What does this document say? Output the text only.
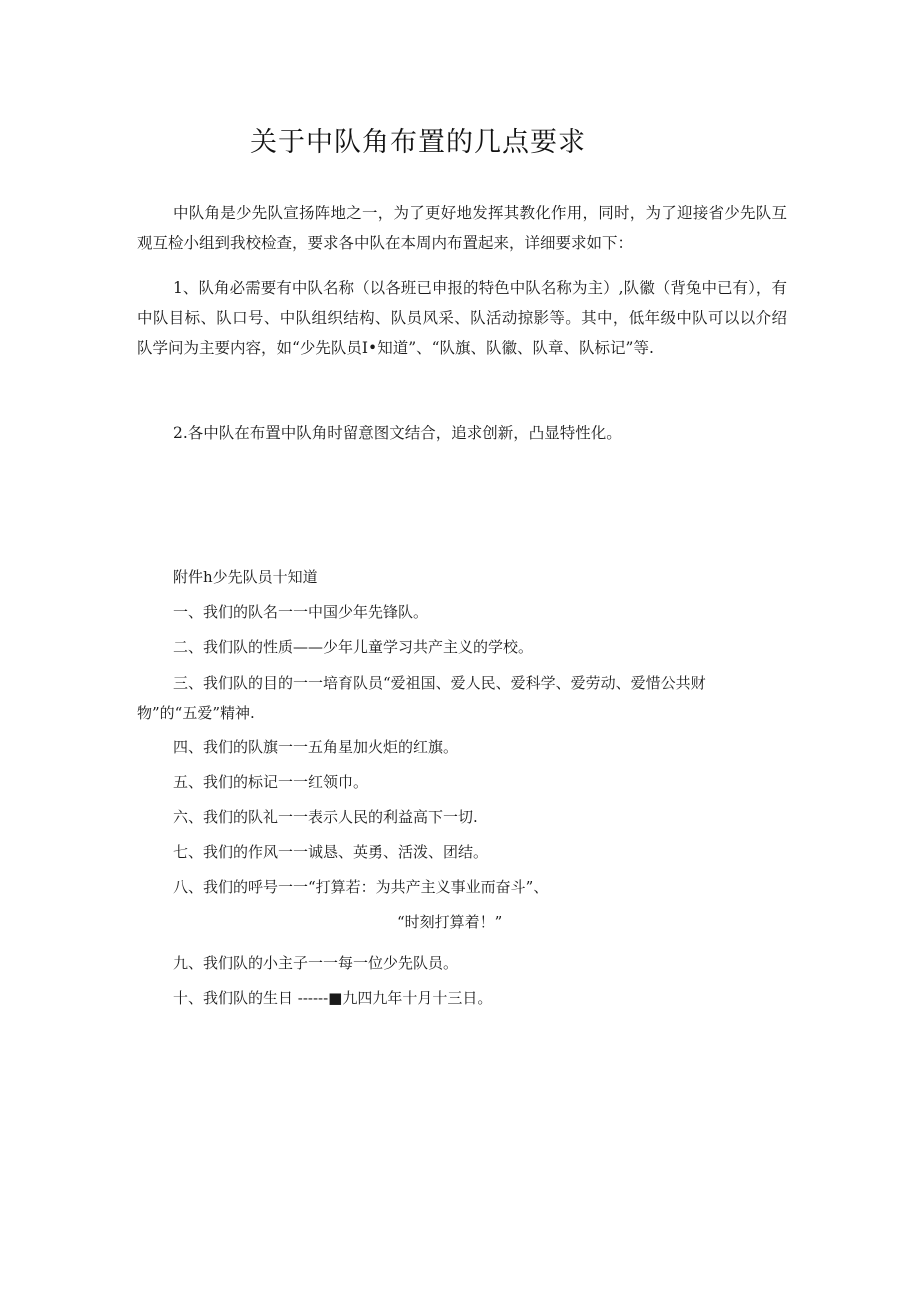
关于中队角布置的几点要求

中队角是少先队宣扬阵地之一，为了更好地发挥其教化作用，同时，为了迎接省少先队互观互检小组到我校检查，要求各中队在本周内布置起来，详细要求如下：

1、队角必需要有中队名称（以各班已申报的特色中队名称为主）,队徽（背兔中已有），有中队目标、队口号、中队组织结构、队员风采、队活动掠影等。其中，低年级中队可以以介绍队学问为主要内容，如“少先队员I•知道”、“队旗、队徽、队章、队标记”等.

2.各中队在布置中队角时留意图文结合，追求创新，凸显特性化。

附件h少先队员十知道

一、我们的队名一一中国少年先锋队。

二、我们队的性质——少年儿童学习共产主义的学校。

三、我们队的目的一一培育队员“爱祖国、爱人民、爱科学、爱劳动、爱惜公共财

物”的“五爱”精神.

四、我们的队旗一一五角星加火炬的红旗。

五、我们的标记一一红领巾。

六、我们的队礼一一表示人民的利益高下一切.

七、我们的作风一一诚恳、英勇、活泼、团结。

八、我们的呼号一一“打算若：为共产主义事业而奋斗”、

“时刻打算着！”

九、我们队的小主子一一每一位少先队员。

十、我们队的生日 ------■九四九年十月十三日。
